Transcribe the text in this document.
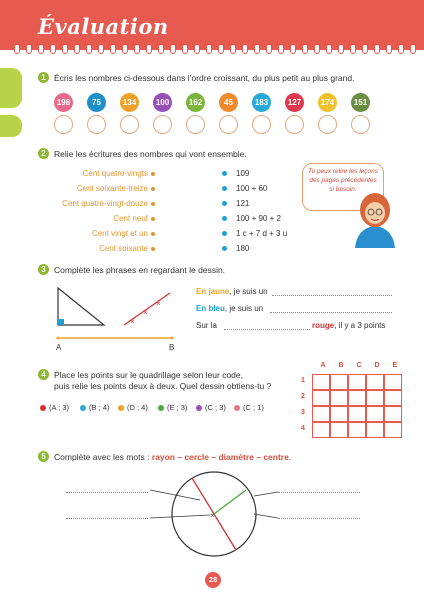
Évaluation
1 Écris les nombres ci-dessous dans l’ordre croissant, du plus petit au plus grand.
198	75	134	100	162	45	183	127	174	151
2 Relie les écritures des nombres qui vont ensemble.
Cent quatre-vingts
Cent soixante-treize
Cent quatre-vingt-douze
Cent neuf
Cent vingt et un
Cent soixante
109
100 + 60
121
100 + 90 + 2
1 c + 7 d + 3 u
180
Tu peux relire les leçons des pages précédentes si besoin.
3 Complète les phrases en regardant le dessin.
×
×
×
A	B
En jaune, je suis un
En bleu, je suis un
Sur la	rouge, il y a 3 points
4 Place les points sur le quadrillage selon leur code,
puis relie les points deux à deux. Quel dessin obtiens-tu ?
(A ; 3)	(B ; 4)	(D ; 4)	(E ; 3)	(C ; 3)	(C ; 1)
A	B	C	D	E
1
2
3
4
5 Complète avec les mots : rayon – cercle – diamètre – centre.
×
28
